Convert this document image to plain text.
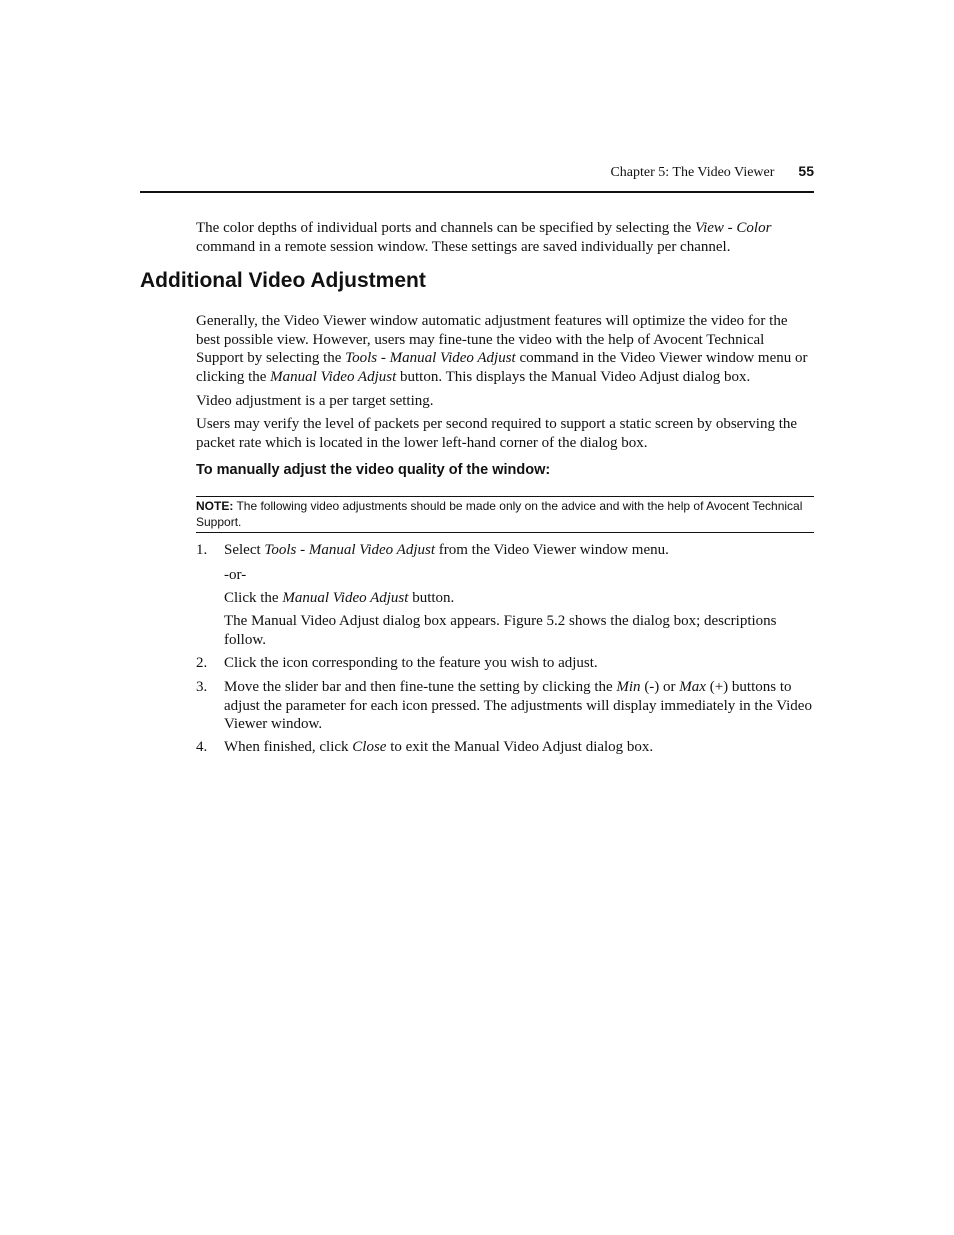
Chapter 5: The Video Viewer 55

The color depths of individual ports and channels can be specified by selecting the View - Color command in a remote session window. These settings are saved individually per channel.

Additional Video Adjustment

Generally, the Video Viewer window automatic adjustment features will optimize the video for the best possible view. However, users may fine-tune the video with the help of Avocent Technical Support by selecting the Tools - Manual Video Adjust command in the Video Viewer window menu or clicking the Manual Video Adjust button. This displays the Manual Video Adjust dialog box.

Video adjustment is a per target setting.

Users may verify the level of packets per second required to support a static screen by observing the packet rate which is located in the lower left-hand corner of the dialog box.

To manually adjust the video quality of the window:
NOTE: The following video adjustments should be made only on the advice and with the help of Avocent Technical Support.
1. Select Tools - Manual Video Adjust from the Video Viewer window menu.

-or-

Click the Manual Video Adjust button.

The Manual Video Adjust dialog box appears. Figure 5.2 shows the dialog box; descriptions follow.

2. Click the icon corresponding to the feature you wish to adjust.
3. Move the slider bar and then fine-tune the setting by clicking the Min (-) or Max (+) buttons to adjust the parameter for each icon pressed. The adjustments will display immediately in the Video Viewer window.
4. When finished, click Close to exit the Manual Video Adjust dialog box.
